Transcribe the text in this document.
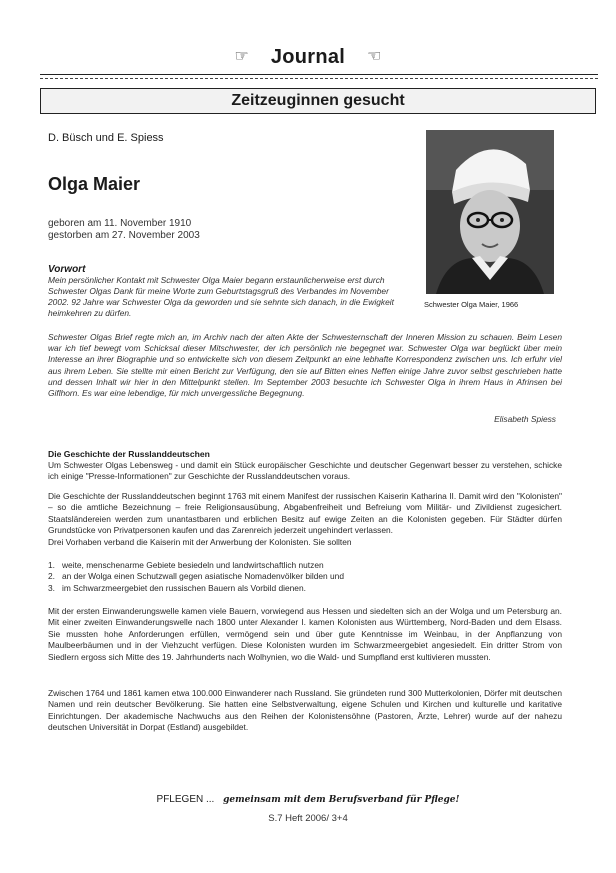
☞ Journal ☜
Zeitzeuginnen gesucht
D. Büsch und E. Spiess
Olga Maier
geboren am 11. November 1910
gestorben am 27. November 2003
Schwester Olga Maier, 1966
Vorwort
Mein persönlicher Kontakt mit Schwester Olga Maier begann erstaunlicherweise erst durch Schwester Olgas Dank für meine Worte zum Geburtstagsgruß des Verbandes im November 2002. 92 Jahre war Schwester Olga da geworden und sie sehnte sich danach, in die Ewigkeit heimkehren zu dürfen.
Schwester Olgas Brief regte mich an, im Archiv nach der alten Akte der Schwesternschaft der Inneren Mission zu schauen. Beim Lesen war ich tief bewegt vom Schicksal dieser Mitschwester, der ich persönlich nie begegnet war. Schwester Olga war beglückt über mein Interesse an ihrer Biographie und so entwickelte sich von diesem Zeitpunkt an eine lebhafte Korrespondenz zwischen uns. Ich erfuhr viel aus ihrem Leben. Sie stellte mir einen Bericht zur Verfügung, den sie auf Bitten eines Neffen einige Jahre zuvor selbst geschrieben hatte und dessen Inhalt wir hier in den Mittelpunkt stellen. Im September 2003 besuchte ich Schwester Olga in ihrem Haus in Afrinsen bei Giflhorn. Es war eine lebendige, für mich unvergessliche Begegnung.
Elisabeth Spiess
Die Geschichte der Russlanddeutschen

Um Schwester Olgas Lebensweg - und damit ein Stück europäischer Geschichte und deutscher Gegenwart besser zu verstehen, schicke ich einige "Presse-Informationen" zur Geschichte der Russlanddeutschen voraus.

Die Geschichte der Russlanddeutschen beginnt 1763 mit einem Manifest der russischen Kaiserin Katharina II. Damit wird den "Kolonisten" – so die amtliche Bezeichnung – freie Religionsausübung, Abgabenfreiheit und Befreiung vom Militär- und Zivildienst zugesichert. Staatsländereien werden zum unantastbaren und erblichen Besitz auf ewige Zeiten an die Kolonisten gegeben. Für Städter dürfen Grundstücke von Privatpersonen kaufen und das Zarenreich jederzeit ungehindert verlassen.
Drei Vorhaben verband die Kaiserin mit der Anwerbung der Kolonisten. Sie sollten
1. weite, menschenarme Gebiete besiedeln und landwirtschaftlich nutzen
2. an der Wolga einen Schutzwall gegen asiatische Nomadenvölker bilden und
3. im Schwarzmeergebiet den russischen Bauern als Vorbild dienen.

Mit der ersten Einwanderungswelle kamen viele Bauern, vorwiegend aus Hessen und siedelten sich an der Wolga und um Petersburg an. Mit einer zweiten Einwanderungswelle nach 1800 unter Alexander I. kamen Kolonisten aus Württemberg, Nord-Baden und dem Elsass. Sie mussten hohe Anforderungen erfüllen, vermögend sein und über gute Kenntnisse im Weinbau, in der Anpflanzung von Maulbeerbäumen und in der Viehzucht verfügen. Diese Kolonisten wurden im Schwarzmeergebiet angesiedelt. Ein dritter Strom von Siedlern ergoss sich Mitte des 19. Jahrhunderts nach Wolhynien, wo die Wald- und Sumpfland erst kultivieren mussten.

Zwischen 1764 und 1861 kamen etwa 100.000 Einwanderer nach Russland. Sie gründeten rund 300 Mutterkolonien, Dörfer mit deutschen Namen und rein deutscher Bevölkerung. Sie hatten eine Selbstverwaltung, eigene Schulen und Kirchen und kulturelle und karitative Einrichtungen. Der akademische Nachwuchs aus den Reihen der Kolonistensöhne (Pastoren, Ärzte, Lehrer) wurde auf der nahezu deutschen Universität in Dorpat (Estland) ausgebildet.

PFLEGEN ... gemeinsam mit dem Berufsverband für Pflege!
S.7 Heft 2006/ 3+4
